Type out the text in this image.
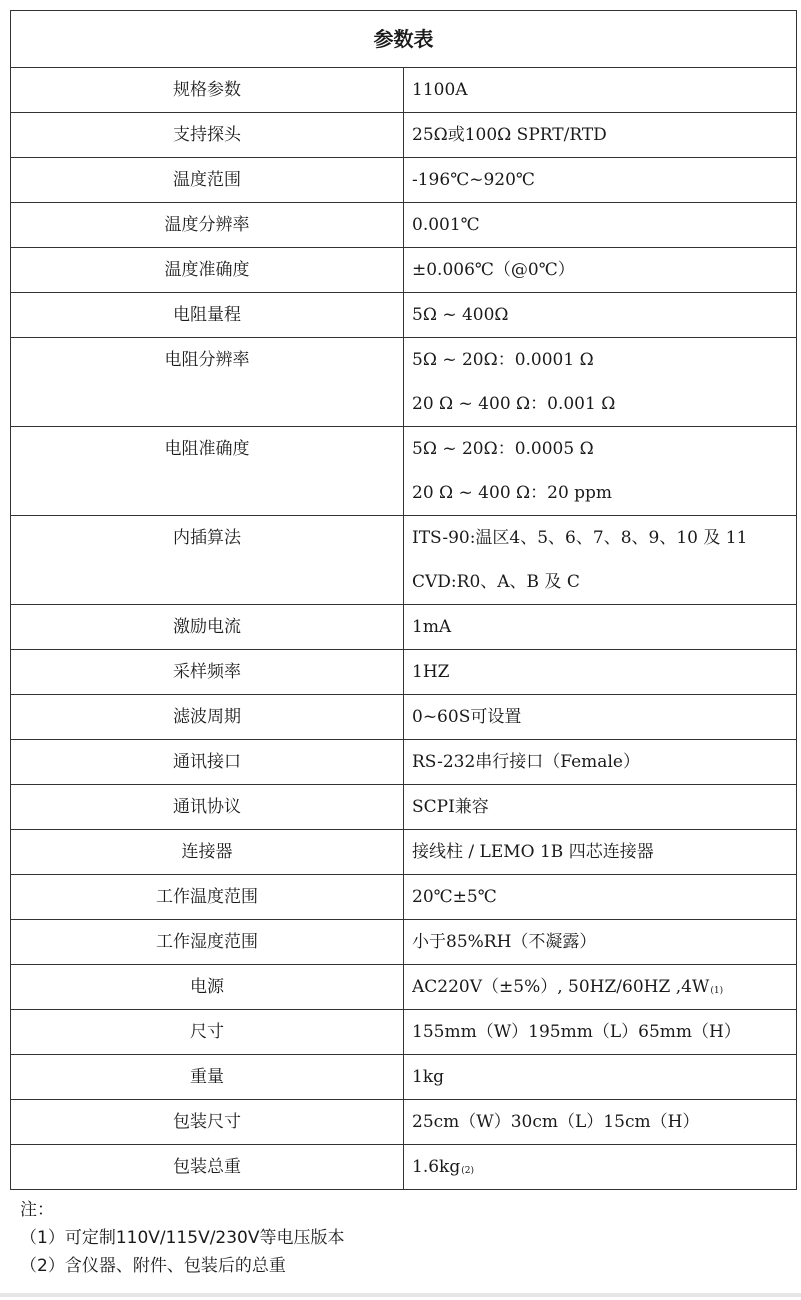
参数表	
规格参数	1100A

支持探头	25Ω或100Ω SPRT/RTD

温度范围	-196℃~920℃

温度分辨率	0.001℃

温度准确度	±0.006℃（@0℃）

电阻量程	5Ω ~ 400Ω

电阻分辨率	5Ω ~ 20Ω：0.0001 Ω
20 Ω ~ 400 Ω：0.001 Ω

电阻准确度	5Ω ~ 20Ω：0.0005 Ω
20 Ω ~ 400 Ω：20 ppm

内插算法	ITS-90:温区4、5、6、7、8、9、10 及 11
CVD:R0、A、B 及 C

激励电流	1mA

采样频率	1HZ

滤波周期	0~60S可设置

通讯接口	RS-232串行接口（Female）

通讯协议	SCPI兼容

连接器	接线柱 / LEMO 1B 四芯连接器

工作温度范围	20℃±5℃

工作湿度范围	小于85%RH（不凝露）

电源	AC220V（±5%）, 50HZ/60HZ $,4W_{(1)}$

尺寸	155mm（W）195mm（L）65mm（H）

重量	1kg

包装尺寸	25cm（W）30cm（L）15cm（H）

包装总重	$1.6kg_{(2)}$
注：
（1）可定制110V/115V/230V等电压版本
（2）含仪器、附件、包装后的总重
